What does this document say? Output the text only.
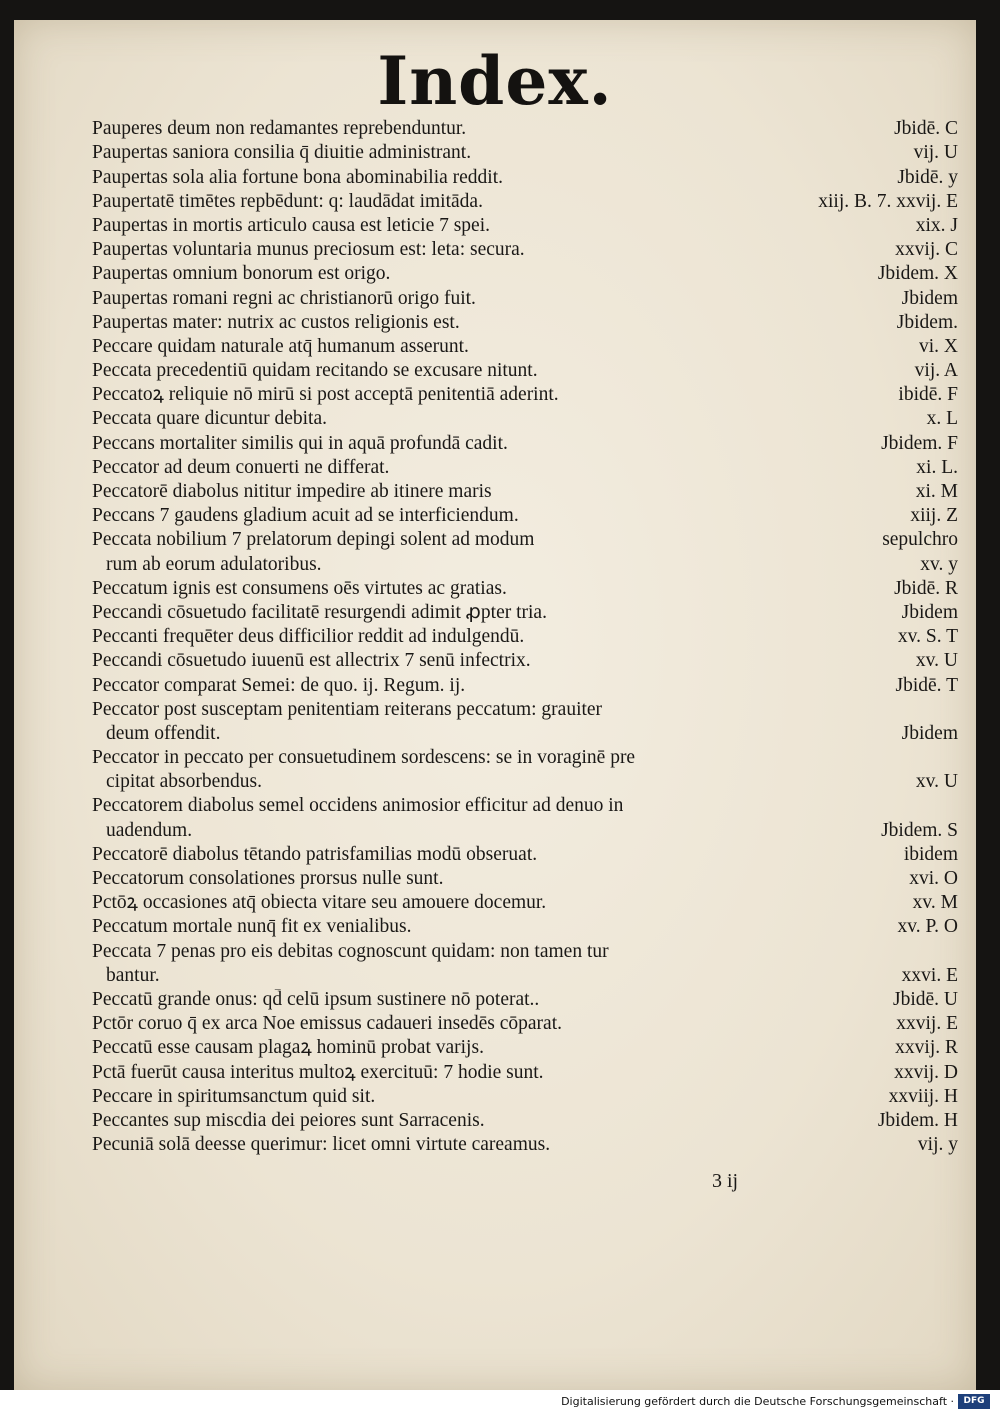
Index.
Pauperes deum non redamantes reprebenduntur.	Jbidē. C
Paupertas saniora consilia q̄ diuitie administrant.	vij. U
Paupertas sola alia fortune bona abominabilia reddit.	Jbidē. y
Paupertatē timētes repbēdunt: q: laudādat imitāda.	xiij. B. 7. xxvij. E
Paupertas in mortis articulo causa est leticie 7 spei.	xix. J
Paupertas voluntaria munus preciosum est: leta: secura.	xxvij. C
Paupertas omnium bonorum est origo.	Jbidem. X
Paupertas romani regni ac christianorū origo fuit.	Jbidem
Paupertas mater: nutrix ac custos religionis est.	Jbidem.
Peccare quidam naturale atq̄ humanum asserunt.	vi. X
Peccata precedentiū quidam recitando se excusare nitunt.	vij. A
Peccatoꝝ reliquie nō mirū si post acceptā penitentiā aderint.	ibidē. F
Peccata quare dicuntur debita.	x. L
Peccans mortaliter similis qui in aquā profundā cadit.	Jbidem. F
Peccator ad deum conuerti ne differat.	xi. L.
Peccatorē diabolus nititur impedire ab itinere maris	xi. M
Peccans 7 gaudens gladium acuit ad se interficiendum.	xiij. Z
Peccata nobilium 7 prelatorum depingi solent ad modum	sepulchro
rum ab eorum adulatoribus.	xv. y
Peccatum ignis est consumens oēs virtutes ac gratias.	Jbidē. R
Peccandi cōsuetudo facilitatē resurgendi adimit ꝓpter tria.	Jbidem
Peccanti frequēter deus difficilior reddit ad indulgendū.	xv. S. T
Peccandi cōsuetudo iuuenū est allectrix 7 senū infectrix.	xv. U
Peccator comparat Semei: de quo. ij. Regum. ij.	Jbidē. T
Peccator post susceptam penitentiam reiterans peccatum: grauiter
deum offendit.	Jbidem
Peccator in peccato per consuetudinem sordescens: se in voraginē pre
cipitat absorbendus.	xv. U
Peccatorem diabolus semel occidens animosior efficitur ad denuo in
uadendum.	Jbidem. S
Peccatorē diabolus tētando patrisfamilias modū obseruat.	ibidem
Peccatorum consolationes prorsus nulle sunt.	xvi. O
Pctōꝝ occasiones atq̄ obiecta vitare seu amouere docemur.	xv. M
Peccatum mortale nunq̄ fit ex venialibus.	xv. P. O
Peccata 7 penas pro eis debitas cognoscunt quidam: non tamen tur
bantur.	xxvi. E
Peccatū grande onus: qd̄ celū ipsum sustinere nō poterat..	Jbidē. U
Pctōr coruo q̄ ex arca Noe emissus cadaueri insedēs cōparat.	xxvij. E
Peccatū esse causam plagaꝝ hominū probat varijs.	xxvij. R
Pctā fuerūt causa interitus multoꝝ exercituū: 7 hodie sunt.	xxvij. D
Peccare in spiritumsanctum quid sit.	xxviij. H
Peccantes sup miscdia dei peiores sunt Sarracenis.	Jbidem. H
Pecuniā solā deesse querimur: licet omni virtute careamus.	vij. y
3 ij
Digitalisierung gefördert durch die Deutsche Forschungsgemeinschaft ·	DFG
